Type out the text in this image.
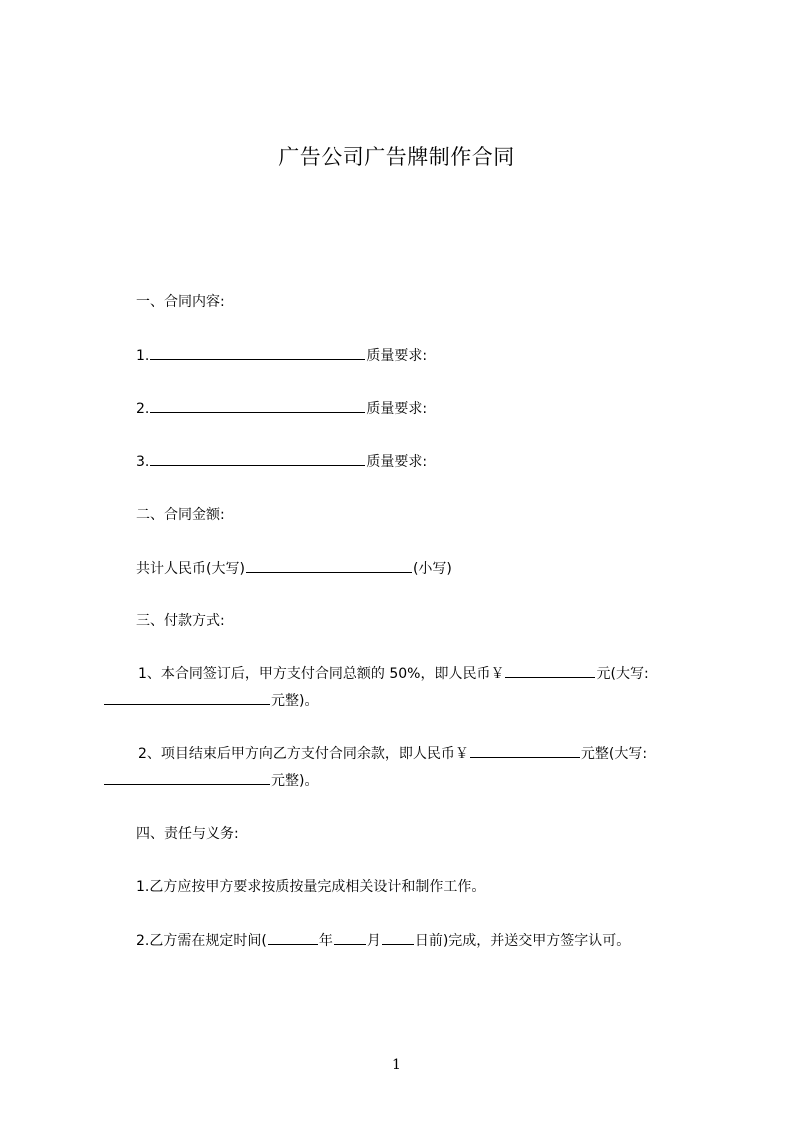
广告公司广告牌制作合同
一、合同内容:
1.	质量要求:
2.	质量要求:
3.	质量要求:
二、合同金额:
共计人民币(大写)	(小写)
三、付款方式:
1、本合同签订后，甲方支付合同总额的 50%，即人民币￥	元(大写:
元整)。
2、项目结束后甲方向乙方支付合同余款，即人民币￥	元整(大写:
元整)。
四、责任与义务:
1.乙方应按甲方要求按质按量完成相关设计和制作工作。
2.乙方需在规定时间(	年 月 日前)完成，并送交甲方签字认可。
1
